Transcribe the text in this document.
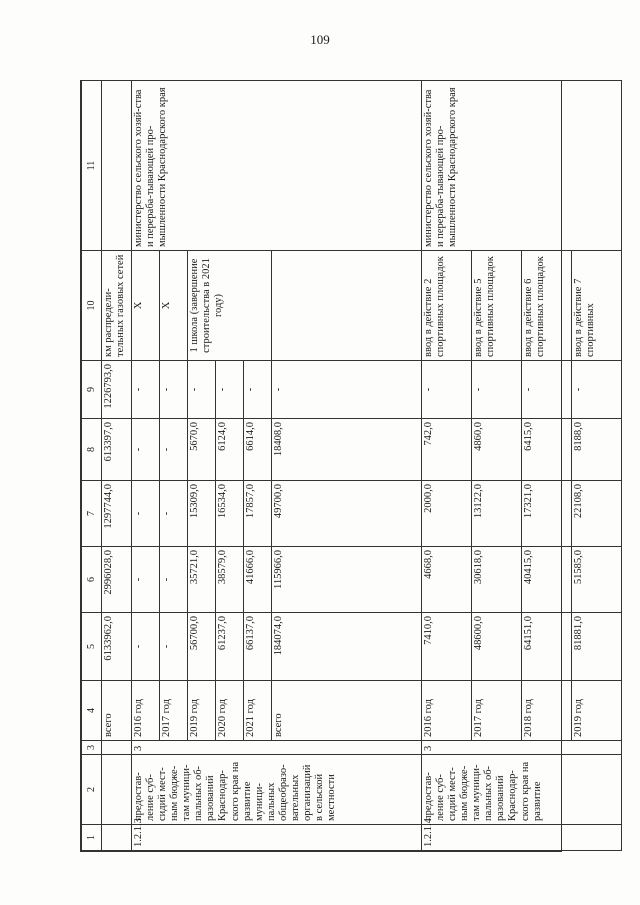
109
1	2	3	4	5	6	7	8	9	10	11
			всего	6133962,0	2996028,0	1297744,0	613397,0	1226793,0	км распредели-тельных газовых сетей	
1.2.1.3	предостав-ление суб-сидий мест-ным бюдже-там муници-пальных об-разований Краснодар-ского края на развитие муници-пальных общеобразо-вательных организаций в сельской местности	3	2016 год	-	-	-	-	-	X	министерство сельского хозяй-ства и перераба-тывающей про-мышленности Краснодарского края
			2017 год	-	-	-	-	-	X	
			2019 год	56700,0	35721,0	15309,0	5670,0	-	1 школа (завершение строительства в 2021 году)	
			2020 год	61237,0	38579,0	16534,0	6124,0	-		
			2021 год	66137,0	41666,0	17857,0	6614,0	-		
			всего	184074,0	115966,0	49700,0	18408,0	-		
1.2.1.4	предостав-ление суб-сидий мест-ным бюдже-там муници-пальных об-разований Краснодар-ского края на развитие	3	2016 год	7410,0	4668,0	2000,0	742,0	-	ввод в действие 2 спортивных площадок	министерство сельского хозяй-ства и перераба-тывающей про-мышленности Краснодарского края
			2017 год	48600,0	30618,0	13122,0	4860,0	-	ввод в действие 5 спортивных площадок	
			2018 год	64151,0	40415,0	17321,0	6415,0	-	ввод в действие 6 спортивных площадок	
			2019 год	81881,0	51585,0	22108,0	8188,0	-	ввод в действие 7 спортивных	
